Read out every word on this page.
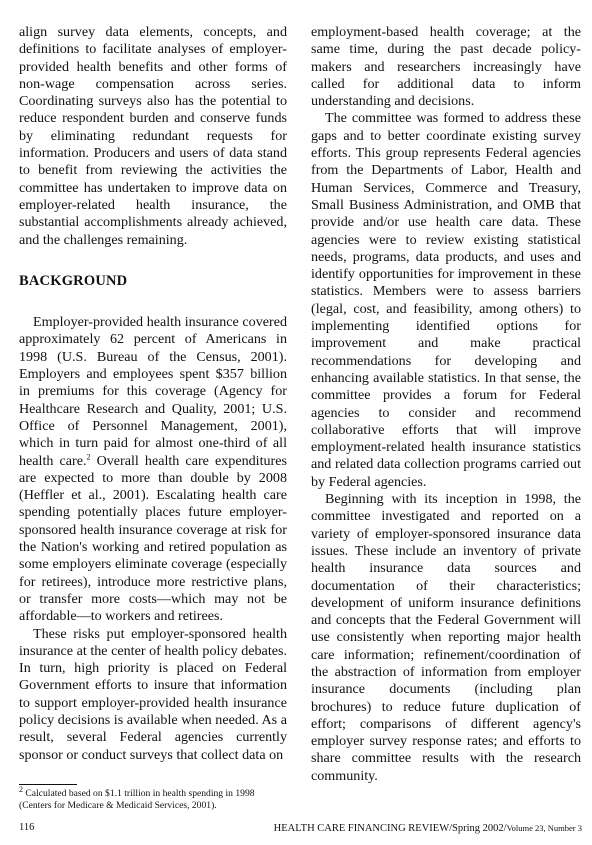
align survey data elements, concepts, and definitions to facilitate analyses of employer-provided health benefits and other forms of non-wage compensation across series. Coordinating surveys also has the potential to reduce respondent burden and conserve funds by eliminating redundant requests for information. Producers and users of data stand to benefit from reviewing the activities the committee has undertaken to improve data on employer-related health insurance, the substantial accomplishments already achieved, and the challenges remaining.

BACKGROUND

Employer-provided health insurance covered approximately 62 percent of Americans in 1998 (U.S. Bureau of the Census, 2001). Employers and employees spent $357 billion in premiums for this coverage (Agency for Healthcare Research and Quality, 2001; U.S. Office of Personnel Management, 2001), which in turn paid for almost one-third of all health care.$^2$ Overall health care expenditures are expected to more than double by 2008 (Heffler et al., 2001). Escalating health care spending potentially places future employer-sponsored health insurance coverage at risk for the Nation's working and retired population as some employers eliminate coverage (especially for retirees), introduce more restrictive plans, or transfer more costs—which may not be affordable—to workers and retirees.

These risks put employer-sponsored health insurance at the center of health policy debates. In turn, high priority is placed on Federal Government efforts to insure that information to support employer-provided health insurance policy decisions is available when needed. As a result, several Federal agencies currently sponsor or conduct surveys that collect data on

employment-based health coverage; at the same time, during the past decade policy-makers and researchers increasingly have called for additional data to inform understanding and decisions.

The committee was formed to address these gaps and to better coordinate existing survey efforts. This group represents Federal agencies from the Departments of Labor, Health and Human Services, Commerce and Treasury, Small Business Administration, and OMB that provide and/or use health care data. These agencies were to review existing statistical needs, programs, data products, and uses and identify opportunities for improvement in these statistics. Members were to assess barriers (legal, cost, and feasibility, among others) to implementing identified options for improvement and make practical recommendations for developing and enhancing available statistics. In that sense, the committee provides a forum for Federal agencies to consider and recommend collaborative efforts that will improve employment-related health insurance statistics and related data collection programs carried out by Federal agencies.

Beginning with its inception in 1998, the committee investigated and reported on a variety of employer-sponsored insurance data issues. These include an inventory of private health insurance data sources and documentation of their characteristics; development of uniform insurance definitions and concepts that the Federal Government will use consistently when reporting major health care information; refinement/coordination of the abstraction of information from employer insurance documents (including plan brochures) to reduce future duplication of effort; comparisons of different agency's employer survey response rates; and efforts to share committee results with the research community.

$^2$ Calculated based on $1.1 trillion in health spending in 1998 (Centers for Medicare & Medicaid Services, 2001).
116	HEALTH CARE FINANCING REVIEW/Spring 2002/Volume 23, Number 3
